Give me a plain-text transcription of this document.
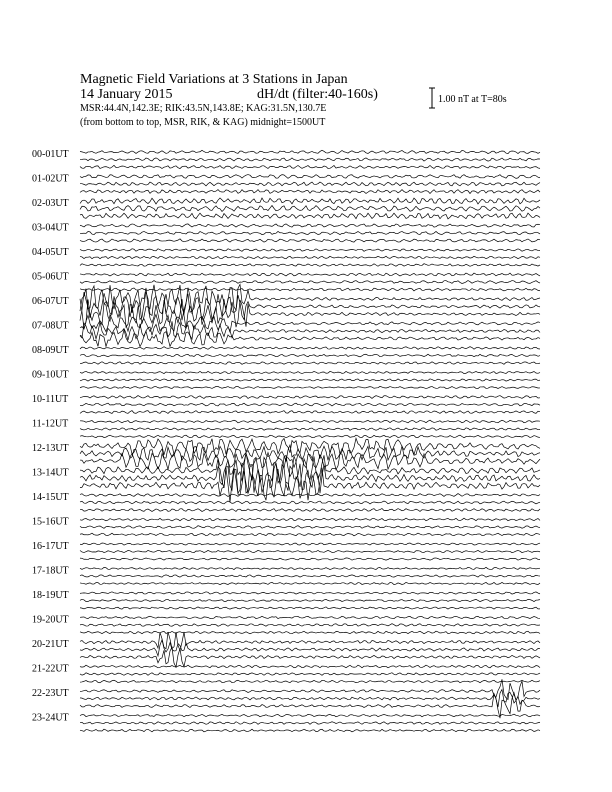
Magnetic Field Variations at 3 Stations in Japan
14 January 2015	dH/dt (filter:40-160s)
MSR:44.4N,142.3E; RIK:43.5N,143.8E; KAG:31.5N,130.7E
(from bottom to top, MSR, RIK, & KAG) midnight=1500UT
1.00 nT at T=80s
00-01UT
01-02UT
02-03UT
03-04UT
04-05UT
05-06UT
06-07UT
07-08UT
08-09UT
09-10UT
10-11UT
11-12UT
12-13UT
13-14UT
14-15UT
15-16UT
16-17UT
17-18UT
18-19UT
19-20UT
20-21UT
21-22UT
22-23UT
23-24UT
